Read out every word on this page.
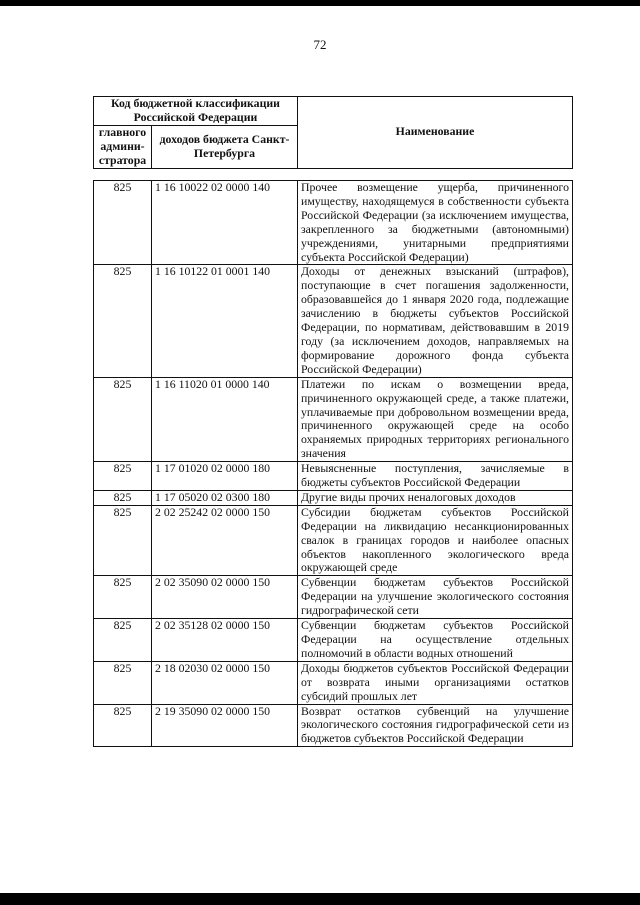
72
Код бюджетной классификации Российской Федерации		Наименование
главного админи-стратора	доходов бюджета Санкт-Петербурга	
825	1 16 10022 02 0000 140	Прочее возмещение ущерба, причиненного имуществу, находящемуся в собственности субъекта Российской Федерации (за исключением имущества, закрепленного за бюджетными (автономными) учреждениями, унитарными предприятиями субъекта Российской Федерации)
825	1 16 10122 01 0001 140	Доходы от денежных взысканий (штрафов), поступающие в счет погашения задолженности, образовавшейся до 1 января 2020 года, подлежащие зачислению в бюджеты субъектов Российской Федерации, по нормативам, действовавшим в 2019 году (за исключением доходов, направляемых на формирование дорожного фонда субъекта Российской Федерации)
825	1 16 11020 01 0000 140	Платежи по искам о возмещении вреда, причиненного окружающей среде, а также платежи, уплачиваемые при добровольном возмещении вреда, причиненного окружающей среде на особо охраняемых природных территориях регионального значения
825	1 17 01020 02 0000 180	Невыясненные поступления, зачисляемые в бюджеты субъектов Российской Федерации
825	1 17 05020 02 0300 180	Другие виды прочих неналоговых доходов
825	2 02 25242 02 0000 150	Субсидии бюджетам субъектов Российской Федерации на ликвидацию несанкционированных свалок в границах городов и наиболее опасных объектов накопленного экологического вреда окружающей среде
825	2 02 35090 02 0000 150	Субвенции бюджетам субъектов Российской Федерации на улучшение экологического состояния гидрографической сети
825	2 02 35128 02 0000 150	Субвенции бюджетам субъектов Российской Федерации на осуществление отдельных полномочий в области водных отношений
825	2 18 02030 02 0000 150	Доходы бюджетов субъектов Российской Федерации от возврата иными организациями остатков субсидий прошлых лет
825	2 19 35090 02 0000 150	Возврат остатков субвенций на улучшение экологического состояния гидрографической сети из бюджетов субъектов Российской Федерации
